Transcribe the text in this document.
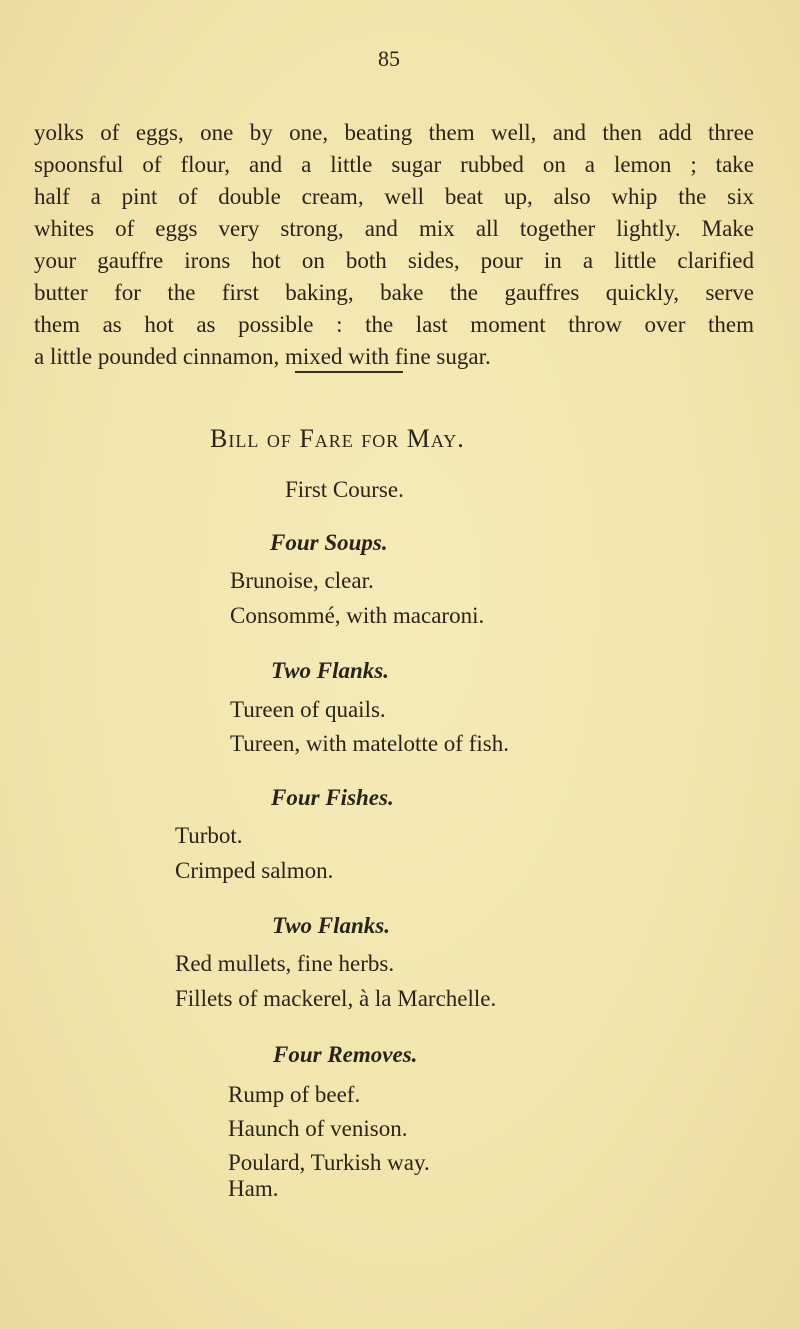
85
yolks of eggs, one by one, beating them well, and then add three
spoonsful of flour, and a little sugar rubbed on a lemon ; take
half a pint of double cream, well beat up, also whip the six
whites of eggs very strong, and mix all together lightly. Make
your gauffre irons hot on both sides, pour in a little clarified
butter for the first baking, bake the gauffres quickly, serve
them as hot as possible : the last moment throw over them
a little pounded cinnamon, mixed with fine sugar.
Bill of Fare for May.
First Course.
Four Soups.
Brunoise, clear.
Consommé, with macaroni.
Two Flanks.
Tureen of quails.
Tureen, with matelotte of fish.
Four Fishes.
Turbot.
Crimped salmon.
Two Flanks.
Red mullets, fine herbs.
Fillets of mackerel, à la Marchelle.
Four Removes.
Rump of beef.
Haunch of venison.
Poulard, Turkish way.
Ham.
